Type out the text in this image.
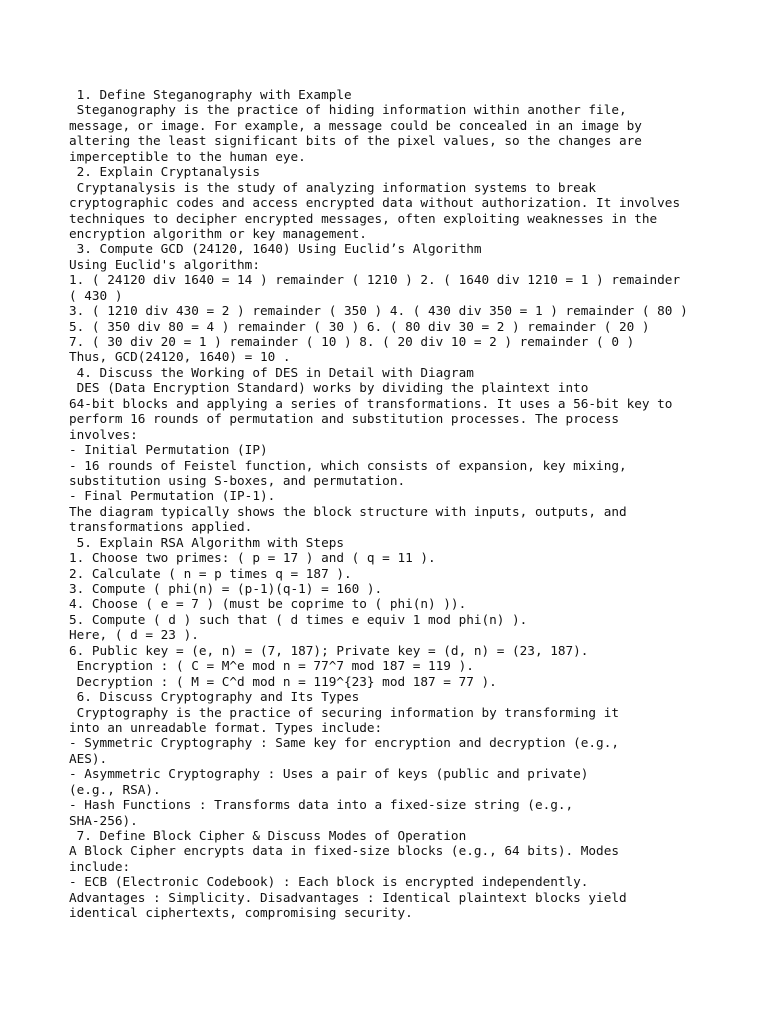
1. Define Steganography with Example
Steganography is the practice of hiding information within another file,
message, or image. For example, a message could be concealed in an image by
altering the least significant bits of the pixel values, so the changes are
imperceptible to the human eye.
2. Explain Cryptanalysis
Cryptanalysis is the study of analyzing information systems to break
cryptographic codes and access encrypted data without authorization. It involves
techniques to decipher encrypted messages, often exploiting weaknesses in the
encryption algorithm or key management.
3. Compute GCD (24120, 1640) Using Euclid’s Algorithm
Using Euclid's algorithm:
1. ( 24120 div 1640 = 14 ) remainder ( 1210 ) 2. ( 1640 div 1210 = 1 ) remainder
( 430 )
3. ( 1210 div 430 = 2 ) remainder ( 350 ) 4. ( 430 div 350 = 1 ) remainder ( 80 )
5. ( 350 div 80 = 4 ) remainder ( 30 ) 6. ( 80 div 30 = 2 ) remainder ( 20 )
7. ( 30 div 20 = 1 ) remainder ( 10 ) 8. ( 20 div 10 = 2 ) remainder ( 0 )
Thus, GCD(24120, 1640) = 10 .
4. Discuss the Working of DES in Detail with Diagram
DES (Data Encryption Standard) works by dividing the plaintext into
64-bit blocks and applying a series of transformations. It uses a 56-bit key to
perform 16 rounds of permutation and substitution processes. The process
involves:
- Initial Permutation (IP)
- 16 rounds of Feistel function, which consists of expansion, key mixing,
substitution using S-boxes, and permutation.
- Final Permutation (IP-1).
The diagram typically shows the block structure with inputs, outputs, and
transformations applied.
5. Explain RSA Algorithm with Steps
1. Choose two primes: ( p = 17 ) and ( q = 11 ).
2. Calculate ( n = p times q = 187 ).
3. Compute ( phi(n) = (p-1)(q-1) = 160 ).
4. Choose ( e = 7 ) (must be coprime to ( phi(n) )).
5. Compute ( d ) such that ( d times e equiv 1 mod phi(n) ).
Here, ( d = 23 ).
6. Public key = (e, n) = (7, 187); Private key = (d, n) = (23, 187).
Encryption : ( C = M^e mod n = 77^7 mod 187 = 119 ).
Decryption : ( M = C^d mod n = 119^{23} mod 187 = 77 ).
6. Discuss Cryptography and Its Types
Cryptography is the practice of securing information by transforming it
into an unreadable format. Types include:
- Symmetric Cryptography : Same key for encryption and decryption (e.g.,
AES).
- Asymmetric Cryptography : Uses a pair of keys (public and private)
(e.g., RSA).
- Hash Functions : Transforms data into a fixed-size string (e.g.,
SHA-256).
7. Define Block Cipher & Discuss Modes of Operation
A Block Cipher encrypts data in fixed-size blocks (e.g., 64 bits). Modes
include:
- ECB (Electronic Codebook) : Each block is encrypted independently.
Advantages : Simplicity. Disadvantages : Identical plaintext blocks yield
identical ciphertexts, compromising security.
